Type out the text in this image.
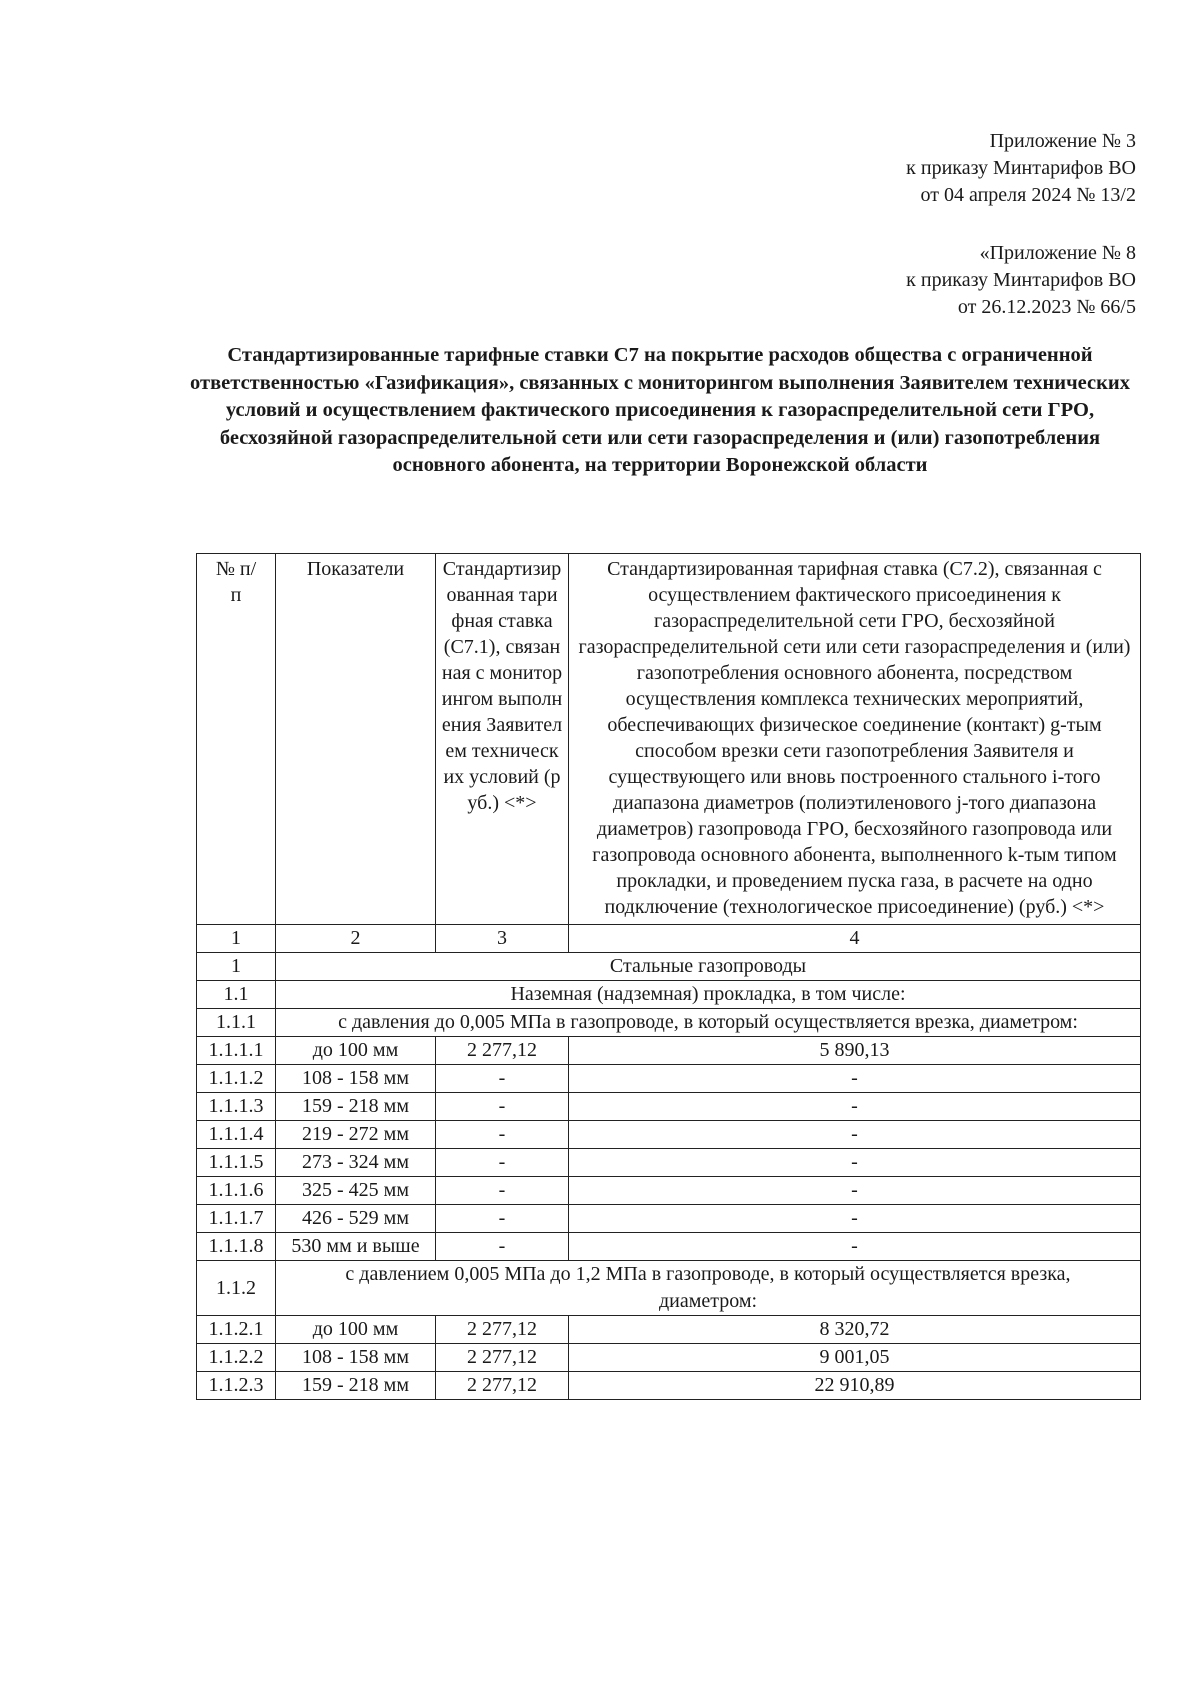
Приложение № 3
к приказу Минтарифов ВО
от 04 апреля 2024 № 13/2
«Приложение № 8
к приказу Минтарифов ВО
от 26.12.2023 № 66/5
Стандартизированные тарифные ставки С7 на покрытие расходов общества с ограниченной ответственностью «Газификация», связанных с мониторингом выполнения Заявителем технических условий и осуществлением фактического присоединения к газораспределительной сети ГРО, бесхозяйной газораспределительной сети или сети газораспределения и (или) газопотребления основного абонента, на территории Воронежской области
№ п/п	Показатели	Стандартизированная тарифная ставка (С7.1), связанная с мониторингом выполнения Заявителем технических условий (руб.) <*>	Стандартизированная тарифная ставка (С7.2), связанная с осуществлением фактического присоединения к газораспределительной сети ГРО, бесхозяйной газораспределительной сети или сети газораспределения и (или) газопотребления основного абонента, посредством осуществления комплекса технических мероприятий, обеспечивающих физическое соединение (контакт) g-тым способом врезки сети газопотребления Заявителя и существующего или вновь построенного стального i-того диапазона диаметров (полиэтиленового j-того диапазона диаметров) газопровода ГРО, бесхозяйного газопровода или газопровода основного абонента, выполненного k-тым типом прокладки, и проведением пуска газа, в расчете на одно подключение (технологическое присоединение) (руб.) <*>
1	2	3	4
1	Стальные газопроводы		
1.1	Наземная (надземная) прокладка, в том числе:		
1.1.1	с давления до 0,005 МПа в газопроводе, в который осуществляется врезка, диаметром:		
1.1.1.1	до 100 мм	2 277,12	5 890,13
1.1.1.2	108 - 158 мм	-	-
1.1.1.3	159 - 218 мм	-	-
1.1.1.4	219 - 272 мм	-	-
1.1.1.5	273 - 324 мм	-	-
1.1.1.6	325 - 425 мм	-	-
1.1.1.7	426 - 529 мм	-	-
1.1.1.8	530 мм и выше	-	-
1.1.2	с давлением 0,005 МПа до 1,2 МПа в газопроводе, в который осуществляется врезка, диаметром:		
1.1.2.1	до 100 мм	2 277,12	8 320,72
1.1.2.2	108 - 158 мм	2 277,12	9 001,05
1.1.2.3	159 - 218 мм	2 277,12	22 910,89
